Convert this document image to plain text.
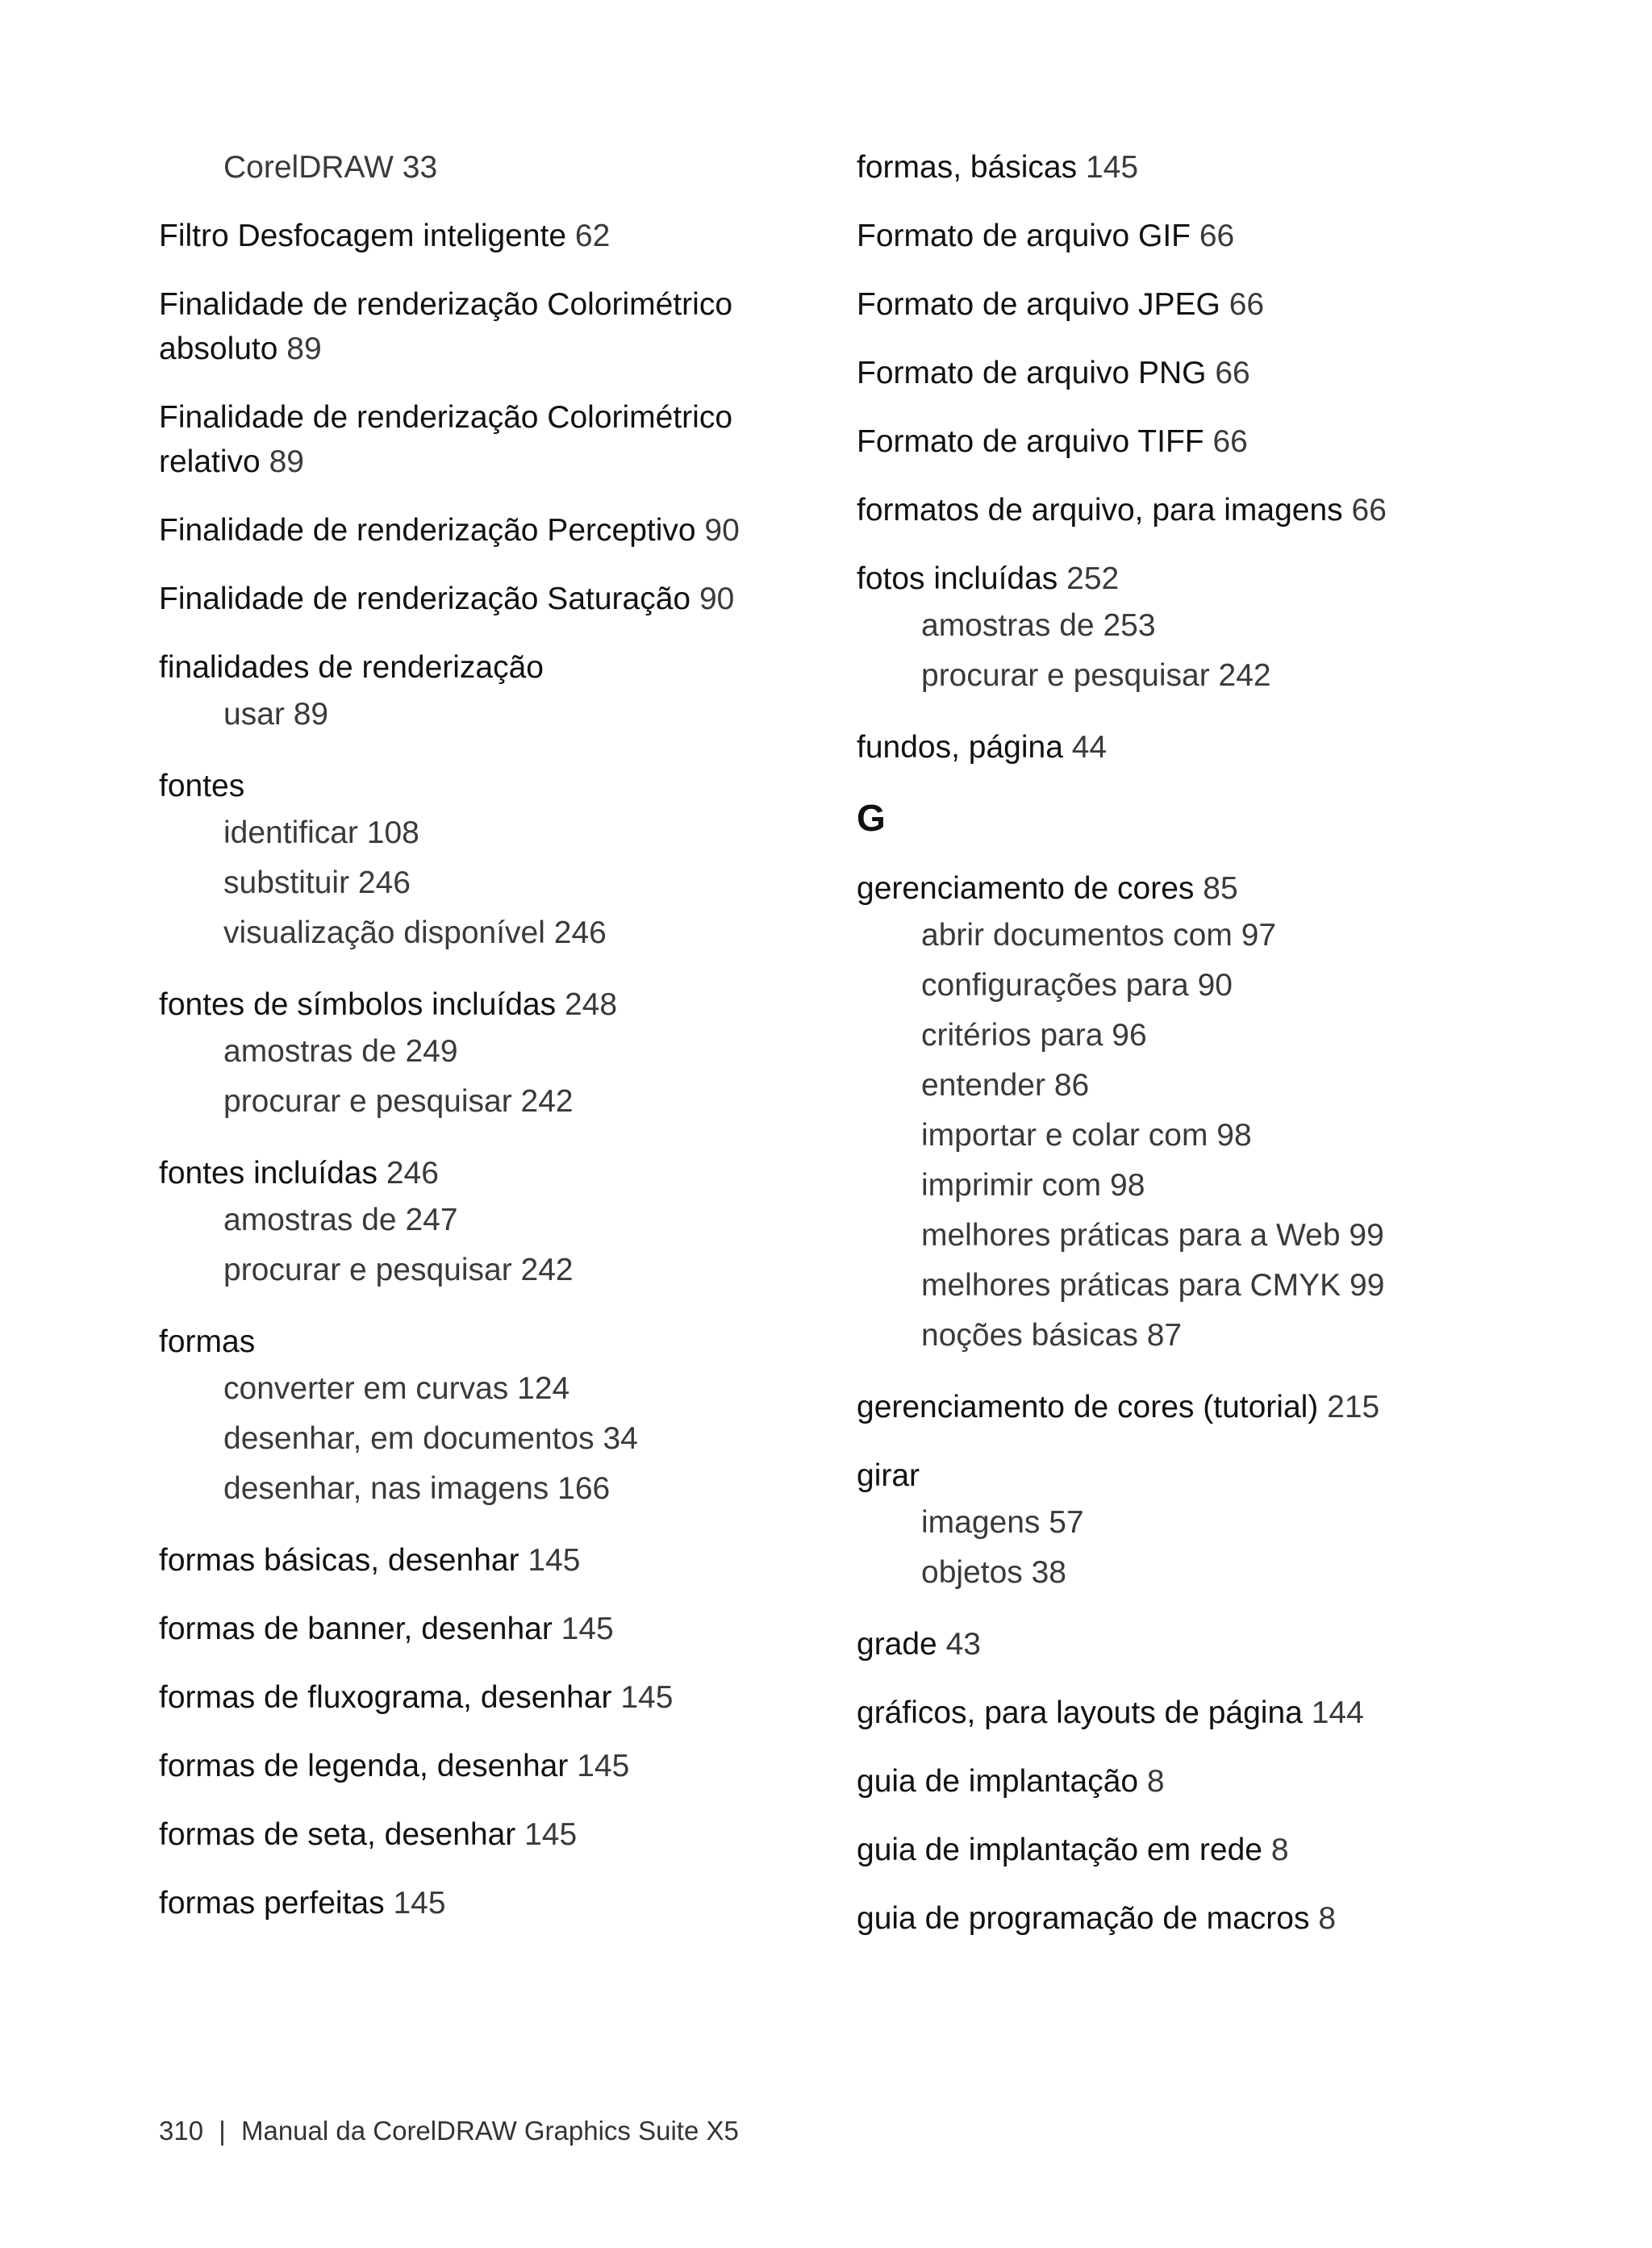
CorelDRAW 33
Filtro Desfocagem inteligente 62
Finalidade de renderização Colorimétrico absoluto 89
Finalidade de renderização Colorimétrico relativo 89
Finalidade de renderização Perceptivo 90
Finalidade de renderização Saturação 90
finalidades de renderização
usar 89
fontes
identificar 108
substituir 246
visualização disponível 246
fontes de símbolos incluídas 248
amostras de 249
procurar e pesquisar 242
fontes incluídas 246
amostras de 247
procurar e pesquisar 242
formas
converter em curvas 124
desenhar, em documentos 34
desenhar, nas imagens 166
formas básicas, desenhar 145
formas de banner, desenhar 145
formas de fluxograma, desenhar 145
formas de legenda, desenhar 145
formas de seta, desenhar 145
formas perfeitas 145
formas, básicas 145
Formato de arquivo GIF 66
Formato de arquivo JPEG 66
Formato de arquivo PNG 66
Formato de arquivo TIFF 66
formatos de arquivo, para imagens 66
fotos incluídas 252
amostras de 253
procurar e pesquisar 242
fundos, página 44
G
gerenciamento de cores 85
abrir documentos com 97
configurações para 90
critérios para 96
entender 86
importar e colar com 98
imprimir com 98
melhores práticas para a Web 99
melhores práticas para CMYK 99
noções básicas 87
gerenciamento de cores (tutorial) 215
girar
imagens 57
objetos 38
grade 43
gráficos, para layouts de página 144
guia de implantação 8
guia de implantação em rede 8
guia de programação de macros 8
310 | Manual da CorelDRAW Graphics Suite X5
